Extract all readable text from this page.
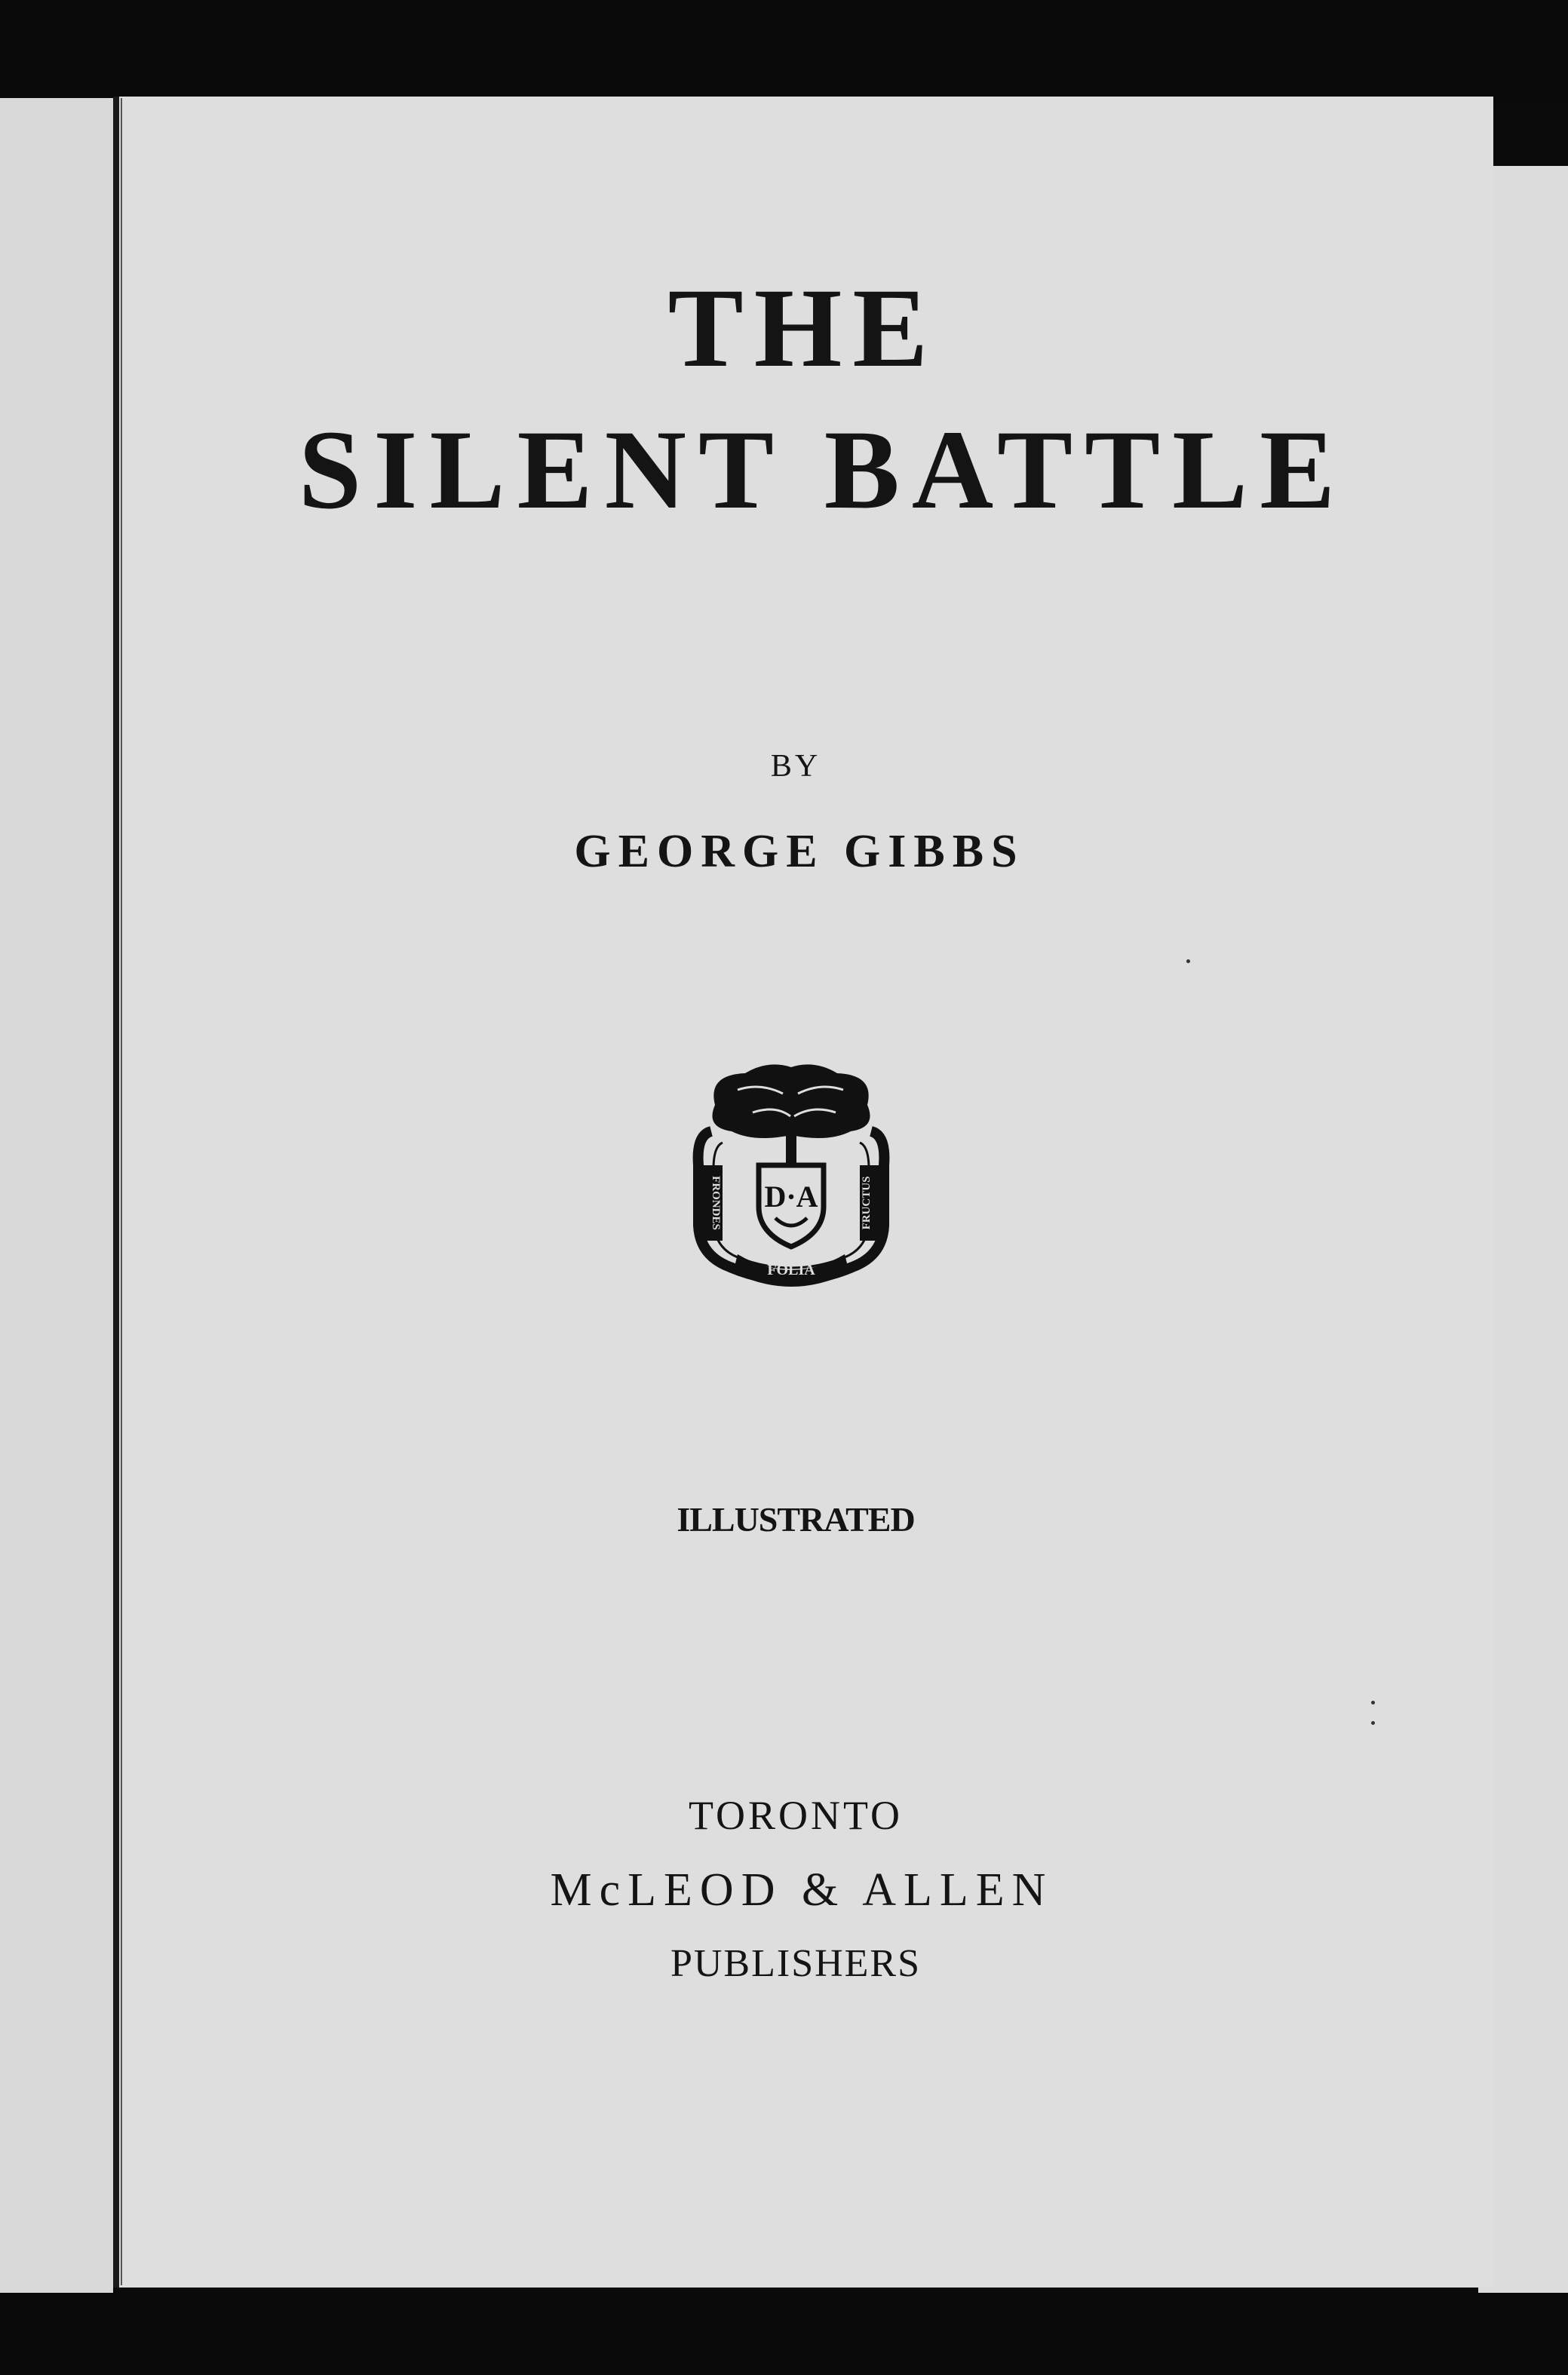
THE
SILENT BATTLE
BY
GEORGE GIBBS
D·A
FRONDES	FRUCTUS
FOLIA
ILLUSTRATED
TORONTO
McLEOD & ALLEN
PUBLISHERS
